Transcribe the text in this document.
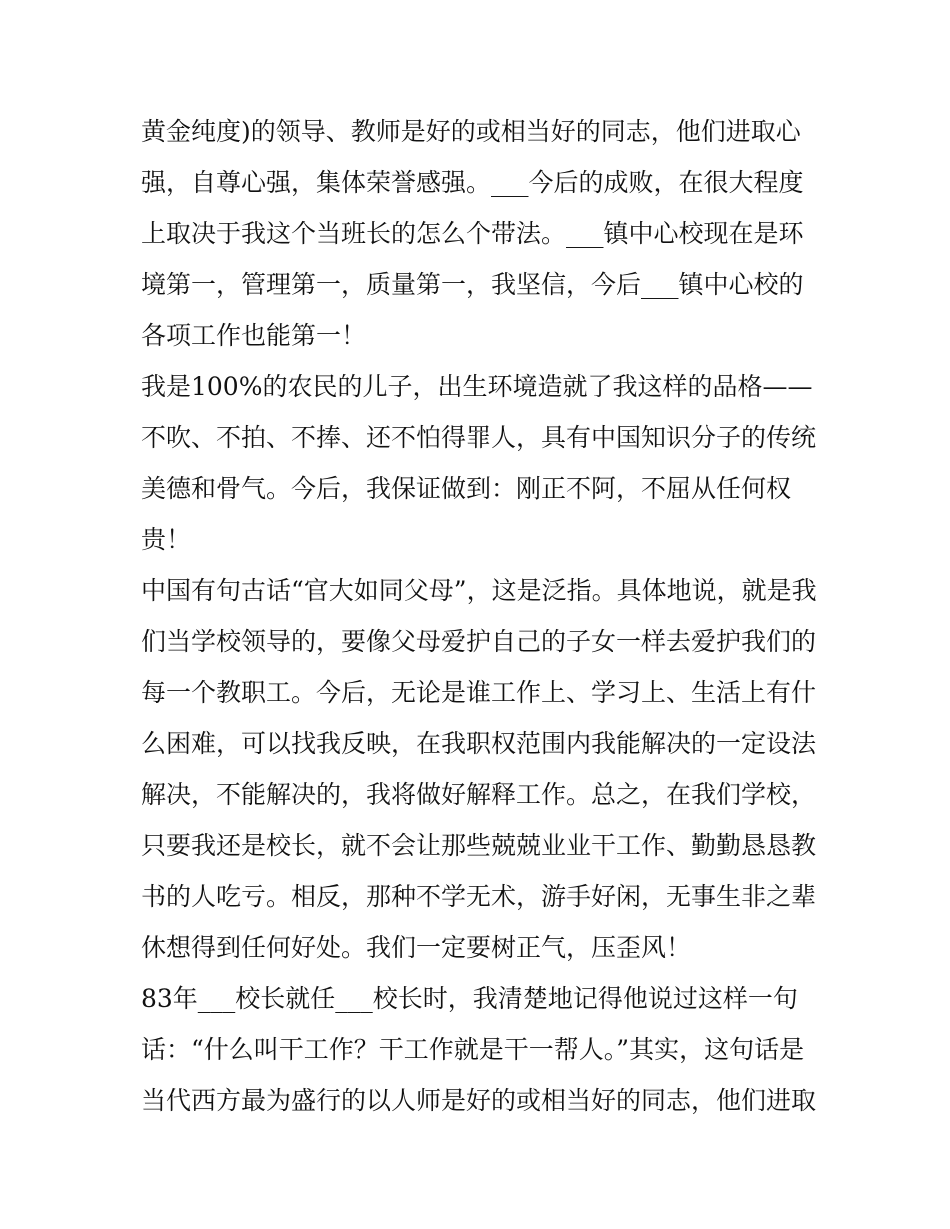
黄金纯度)的领导、教师是好的或相当好的同志，他们进取心
强，自尊心强，集体荣誉感强。___今后的成败，在很大程度
上取决于我这个当班长的怎么个带法。___镇中心校现在是环
境第一，管理第一，质量第一，我坚信，今后___镇中心校的
各项工作也能第一！
我是100%的农民的儿子，出生环境造就了我这样的品格——
不吹、不拍、不捧、还不怕得罪人，具有中国知识分子的传统
美德和骨气。今后，我保证做到：刚正不阿，不屈从任何权
贵！
中国有句古话“官大如同父母”，这是泛指。具体地说，就是我
们当学校领导的，要像父母爱护自己的子女一样去爱护我们的
每一个教职工。今后，无论是谁工作上、学习上、生活上有什
么困难，可以找我反映，在我职权范围内我能解决的一定设法
解决，不能解决的，我将做好解释工作。总之，在我们学校，
只要我还是校长，就不会让那些兢兢业业干工作、勤勤恳恳教
书的人吃亏。相反，那种不学无术，游手好闲，无事生非之辈
休想得到任何好处。我们一定要树正气，压歪风！
83年___校长就任___校长时，我清楚地记得他说过这样一句
话：“什么叫干工作？干工作就是干一帮人。”其实，这句话是
当代西方最为盛行的以人师是好的或相当好的同志，他们进取
